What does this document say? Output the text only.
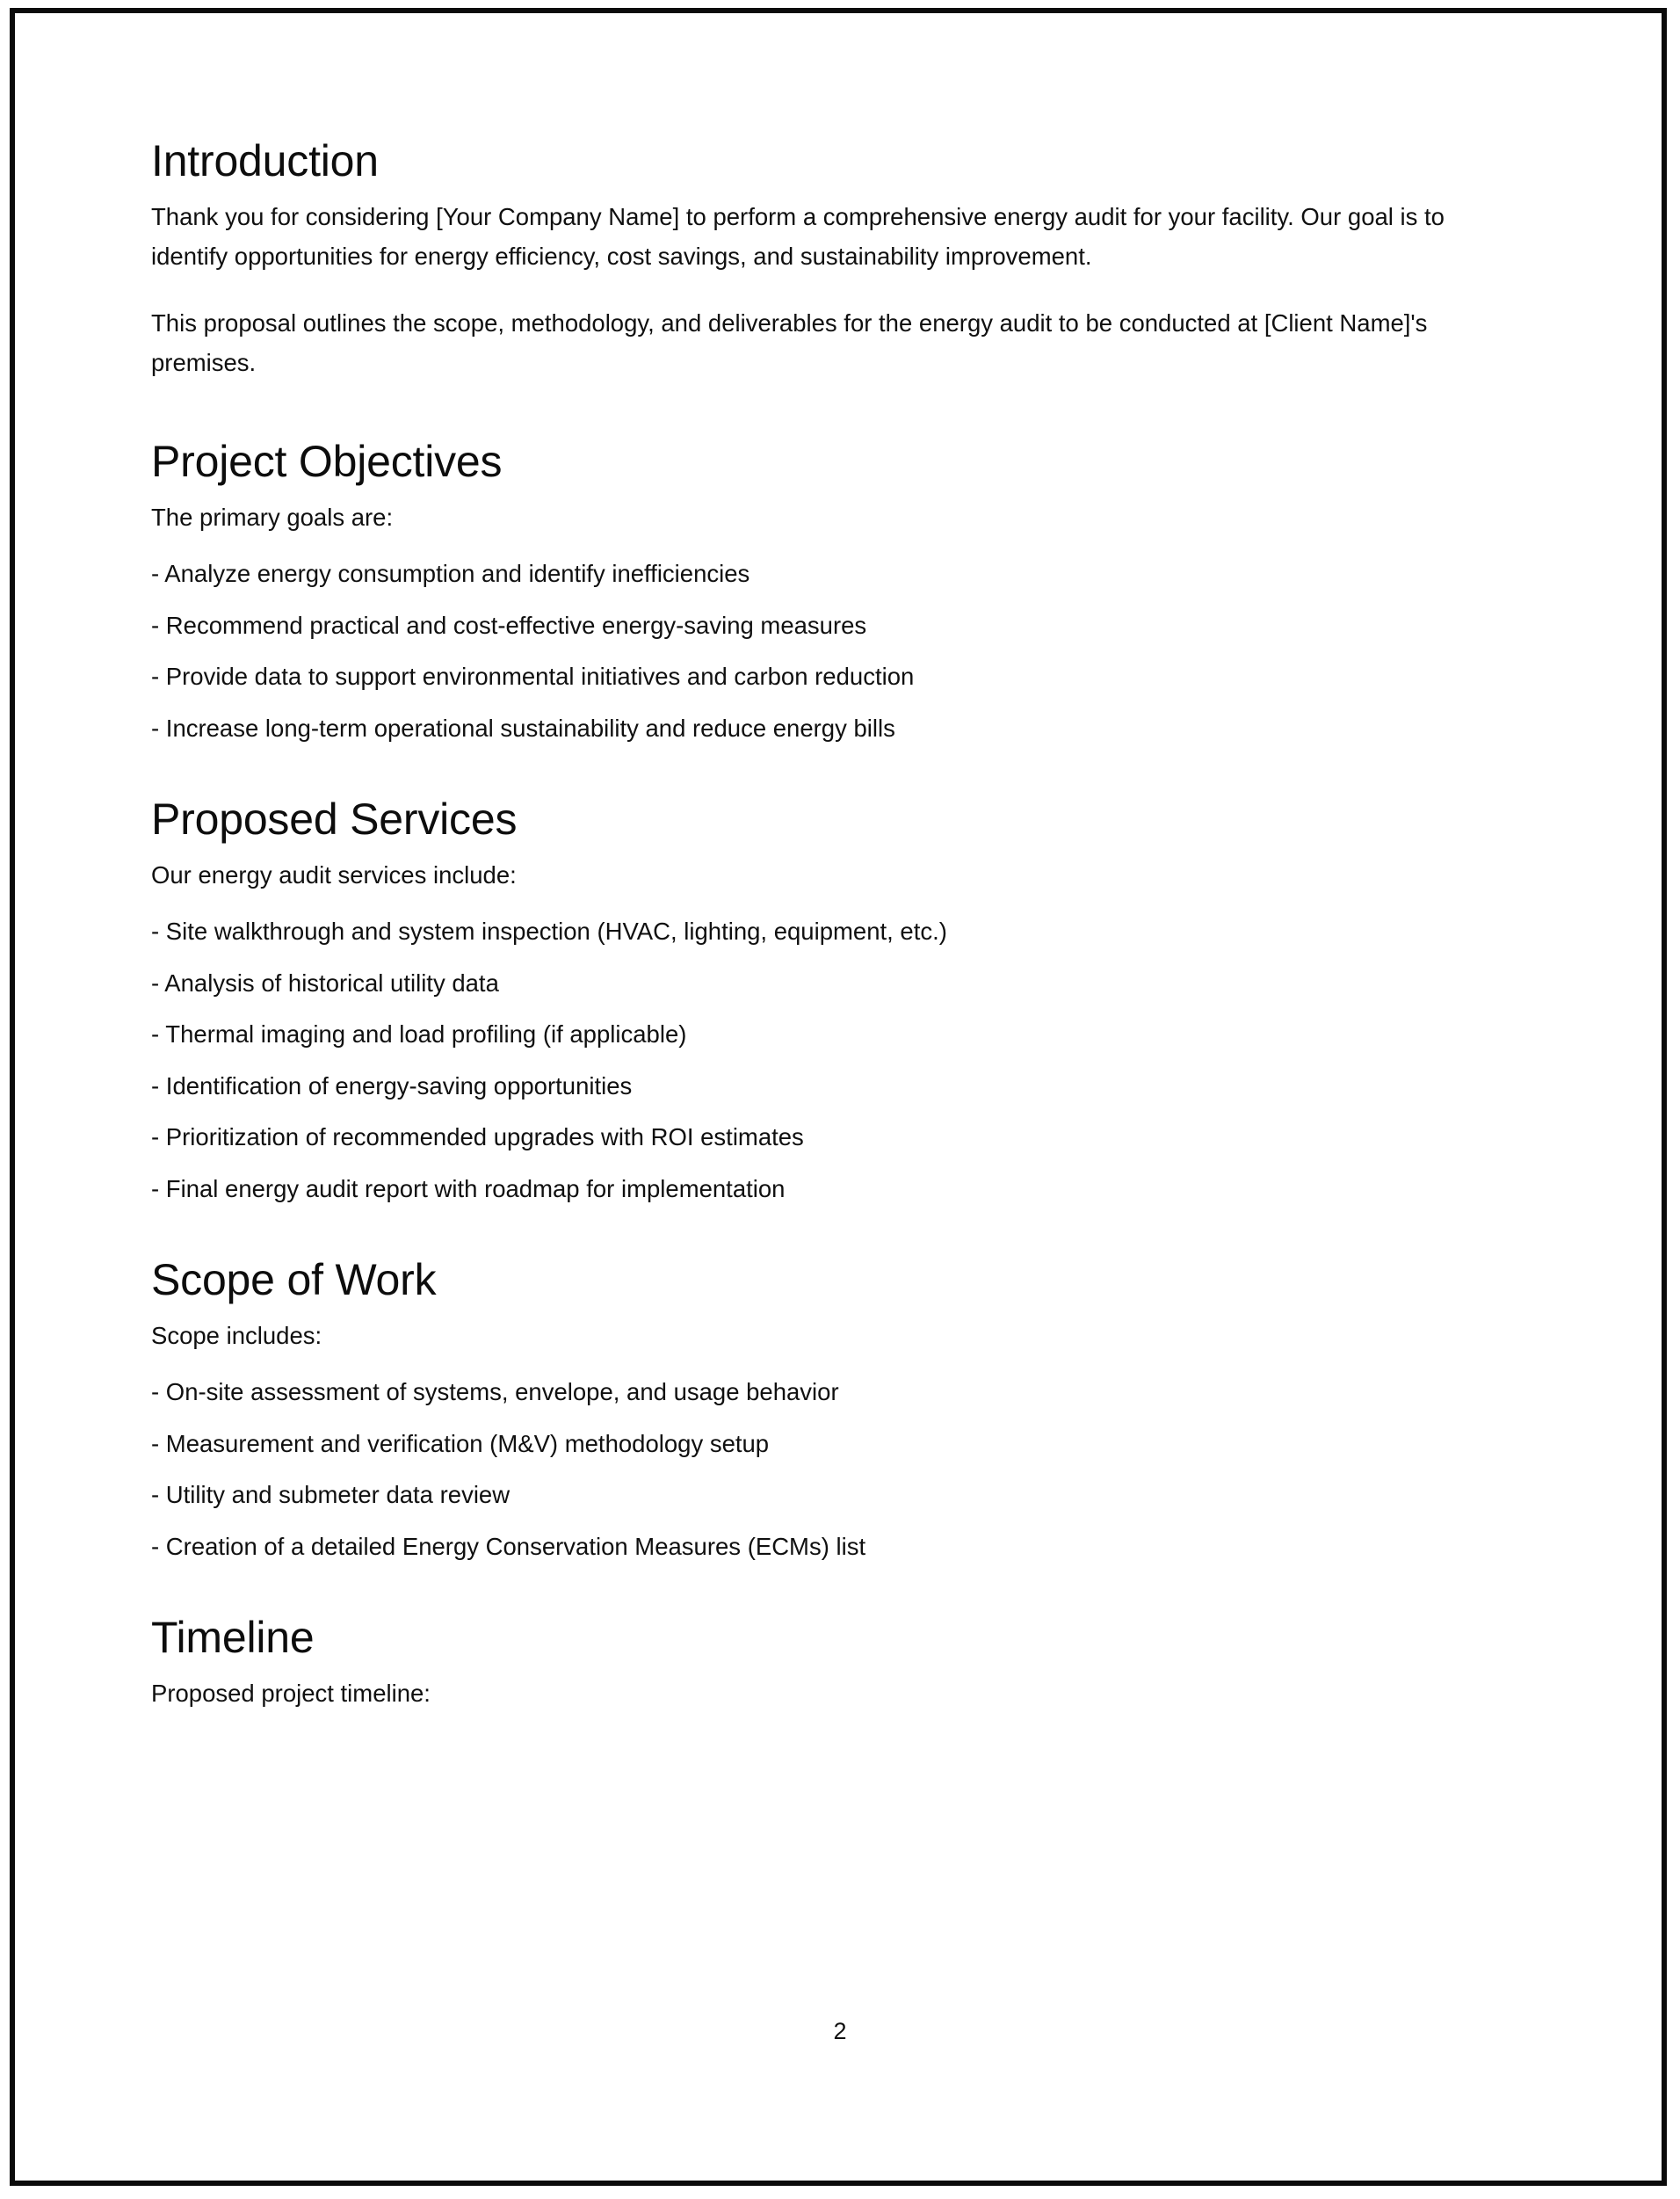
Introduction

Thank you for considering [Your Company Name] to perform a comprehensive energy audit for your facility. Our goal is to identify opportunities for energy efficiency, cost savings, and sustainability improvement.

This proposal outlines the scope, methodology, and deliverables for the energy audit to be conducted at [Client Name]'s premises.

Project Objectives

The primary goals are:

- Analyze energy consumption and identify inefficiencies
- Recommend practical and cost-effective energy-saving measures
- Provide data to support environmental initiatives and carbon reduction
- Increase long-term operational sustainability and reduce energy bills
Proposed Services

Our energy audit services include:

- Site walkthrough and system inspection (HVAC, lighting, equipment, etc.)
- Analysis of historical utility data
- Thermal imaging and load profiling (if applicable)
- Identification of energy-saving opportunities
- Prioritization of recommended upgrades with ROI estimates
- Final energy audit report with roadmap for implementation
Scope of Work

Scope includes:

- On-site assessment of systems, envelope, and usage behavior
- Measurement and verification (M&V) methodology setup
- Utility and submeter data review
- Creation of a detailed Energy Conservation Measures (ECMs) list
Timeline

Proposed project timeline:

2
